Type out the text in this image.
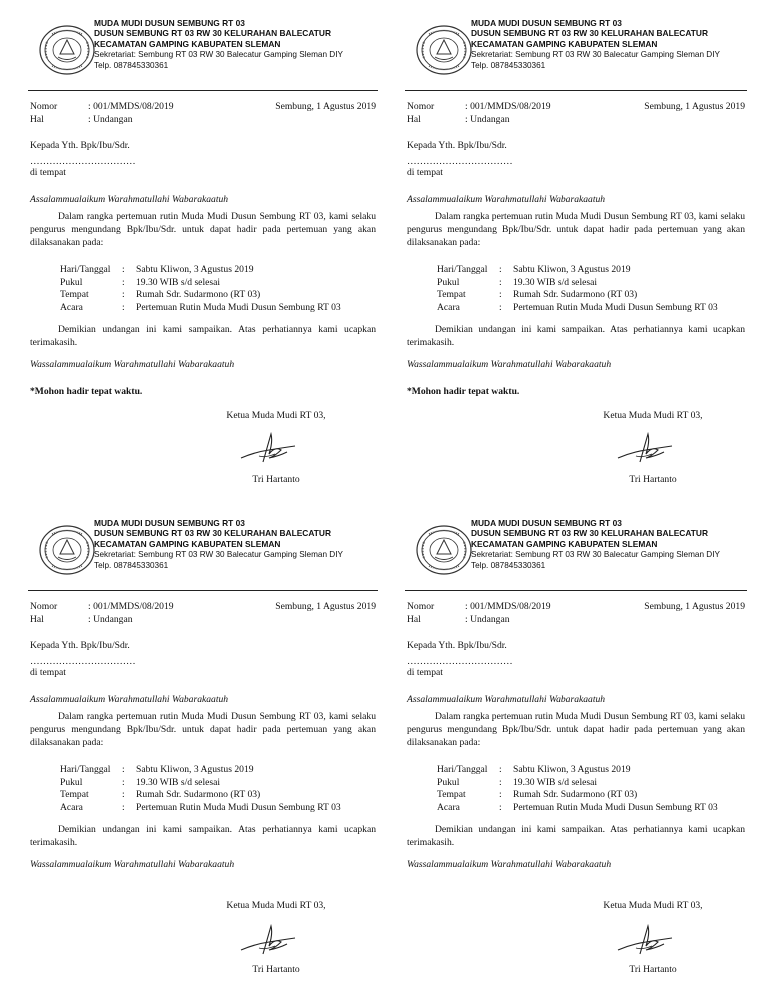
MUDA MUDI DUSUN SEMBUNG RT 03
DUSUN SEMBUNG RT 03 RW 30 KELURAHAN BALECATUR
KECAMATAN GAMPING KABUPATEN SLEMAN
Sekretariat: Sembung RT 03 RW 30 Balecatur Gamping Sleman DIY
Telp. 087845330361
Nomor	: 001/MMDS/08/2019	Sembung, 1 Agustus 2019
Hal	: Undangan
Kepada Yth. Bpk/Ibu/Sdr.
……………………………
di tempat
Assalammualaikum Warahmatullahi Wabarakaatuh
Dalam rangka pertemuan rutin Muda Mudi Dusun Sembung RT 03, kami selaku pengurus mengundang Bpk/Ibu/Sdr. untuk dapat hadir pada pertemuan yang akan dilaksanakan pada:
Hari/Tanggal : Sabtu Kliwon, 3 Agustus 2019
Pukul	: 19.30 WIB s/d selesai
Tempat	: Rumah Sdr. Sudarmono (RT 03)
Acara	: Pertemuan Rutin Muda Mudi Dusun Sembung RT 03
Demikian undangan ini kami sampaikan. Atas perhatiannya kami ucapkan terimakasih.
Wassalammualaikum Warahmatullahi Wabarakaatuh
*Mohon hadir tepat waktu.
Ketua Muda Mudi RT 03,
Tri Hartanto
MUDA MUDI DUSUN SEMBUNG RT 03
DUSUN SEMBUNG RT 03 RW 30 KELURAHAN BALECATUR
KECAMATAN GAMPING KABUPATEN SLEMAN
Sekretariat: Sembung RT 03 RW 30 Balecatur Gamping Sleman DIY
Telp. 087845330361
Nomor	: 001/MMDS/08/2019	Sembung, 1 Agustus 2019
Hal	: Undangan
Kepada Yth. Bpk/Ibu/Sdr.
……………………………
di tempat
Assalammualaikum Warahmatullahi Wabarakaatuh
Dalam rangka pertemuan rutin Muda Mudi Dusun Sembung RT 03, kami selaku pengurus mengundang Bpk/Ibu/Sdr. untuk dapat hadir pada pertemuan yang akan dilaksanakan pada:
Hari/Tanggal : Sabtu Kliwon, 3 Agustus 2019
Pukul	: 19.30 WIB s/d selesai
Tempat	: Rumah Sdr. Sudarmono (RT 03)
Acara	: Pertemuan Rutin Muda Mudi Dusun Sembung RT 03
Demikian undangan ini kami sampaikan. Atas perhatiannya kami ucapkan terimakasih.
Wassalammualaikum Warahmatullahi Wabarakaatuh
*Mohon hadir tepat waktu.
Ketua Muda Mudi RT 03,
Tri Hartanto
MUDA MUDI DUSUN SEMBUNG RT 03
DUSUN SEMBUNG RT 03 RW 30 KELURAHAN BALECATUR
KECAMATAN GAMPING KABUPATEN SLEMAN
Sekretariat: Sembung RT 03 RW 30 Balecatur Gamping Sleman DIY
Telp. 087845330361
Nomor	: 001/MMDS/08/2019	Sembung, 1 Agustus 2019
Hal	: Undangan
Kepada Yth. Bpk/Ibu/Sdr.
……………………………
di tempat
Assalammualaikum Warahmatullahi Wabarakaatuh
Dalam rangka pertemuan rutin Muda Mudi Dusun Sembung RT 03, kami selaku pengurus mengundang Bpk/Ibu/Sdr. untuk dapat hadir pada pertemuan yang akan dilaksanakan pada:
Hari/Tanggal : Sabtu Kliwon, 3 Agustus 2019
Pukul	: 19.30 WIB s/d selesai
Tempat	: Rumah Sdr. Sudarmono (RT 03)
Acara	: Pertemuan Rutin Muda Mudi Dusun Sembung RT 03
Demikian undangan ini kami sampaikan. Atas perhatiannya kami ucapkan terimakasih.
Wassalammualaikum Warahmatullahi Wabarakaatuh
Ketua Muda Mudi RT 03,
Tri Hartanto
MUDA MUDI DUSUN SEMBUNG RT 03
DUSUN SEMBUNG RT 03 RW 30 KELURAHAN BALECATUR
KECAMATAN GAMPING KABUPATEN SLEMAN
Sekretariat: Sembung RT 03 RW 30 Balecatur Gamping Sleman DIY
Telp. 087845330361
Nomor	: 001/MMDS/08/2019	Sembung, 1 Agustus 2019
Hal	: Undangan
Kepada Yth. Bpk/Ibu/Sdr.
……………………………
di tempat
Assalammualaikum Warahmatullahi Wabarakaatuh
Dalam rangka pertemuan rutin Muda Mudi Dusun Sembung RT 03, kami selaku pengurus mengundang Bpk/Ibu/Sdr. untuk dapat hadir pada pertemuan yang akan dilaksanakan pada:
Hari/Tanggal : Sabtu Kliwon, 3 Agustus 2019
Pukul	: 19.30 WIB s/d selesai
Tempat	: Rumah Sdr. Sudarmono (RT 03)
Acara	: Pertemuan Rutin Muda Mudi Dusun Sembung RT 03
Demikian undangan ini kami sampaikan. Atas perhatiannya kami ucapkan terimakasih.
Wassalammualaikum Warahmatullahi Wabarakaatuh
Ketua Muda Mudi RT 03,
Tri Hartanto
